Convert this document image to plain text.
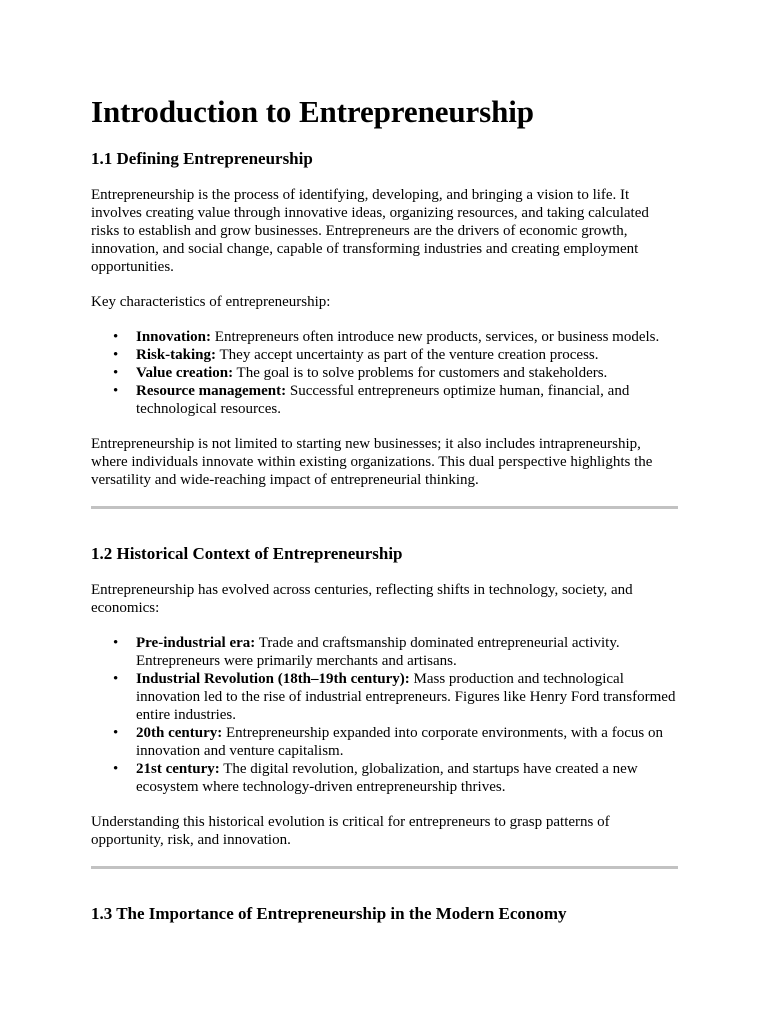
Introduction to Entrepreneurship
1.1 Defining Entrepreneurship

Entrepreneurship is the process of identifying, developing, and bringing a vision to life. It involves creating value through innovative ideas, organizing resources, and taking calculated risks to establish and grow businesses. Entrepreneurs are the drivers of economic growth, innovation, and social change, capable of transforming industries and creating employment opportunities.

Key characteristics of entrepreneurship:

• Innovation: Entrepreneurs often introduce new products, services, or business models.
• Risk-taking: They accept uncertainty as part of the venture creation process.
• Value creation: The goal is to solve problems for customers and stakeholders.
• Resource management: Successful entrepreneurs optimize human, financial, and technological resources.

Entrepreneurship is not limited to starting new businesses; it also includes intrapreneurship, where individuals innovate within existing organizations. This dual perspective highlights the versatility and wide-reaching impact of entrepreneurial thinking.

1.2 Historical Context of Entrepreneurship

Entrepreneurship has evolved across centuries, reflecting shifts in technology, society, and economics:

• Pre-industrial era: Trade and craftsmanship dominated entrepreneurial activity. Entrepreneurs were primarily merchants and artisans.
• Industrial Revolution (18th–19th century): Mass production and technological innovation led to the rise of industrial entrepreneurs. Figures like Henry Ford transformed entire industries.
• 20th century: Entrepreneurship expanded into corporate environments, with a focus on innovation and venture capitalism.
• 21st century: The digital revolution, globalization, and startups have created a new ecosystem where technology-driven entrepreneurship thrives.

Understanding this historical evolution is critical for entrepreneurs to grasp patterns of opportunity, risk, and innovation.

1.3 The Importance of Entrepreneurship in the Modern Economy
